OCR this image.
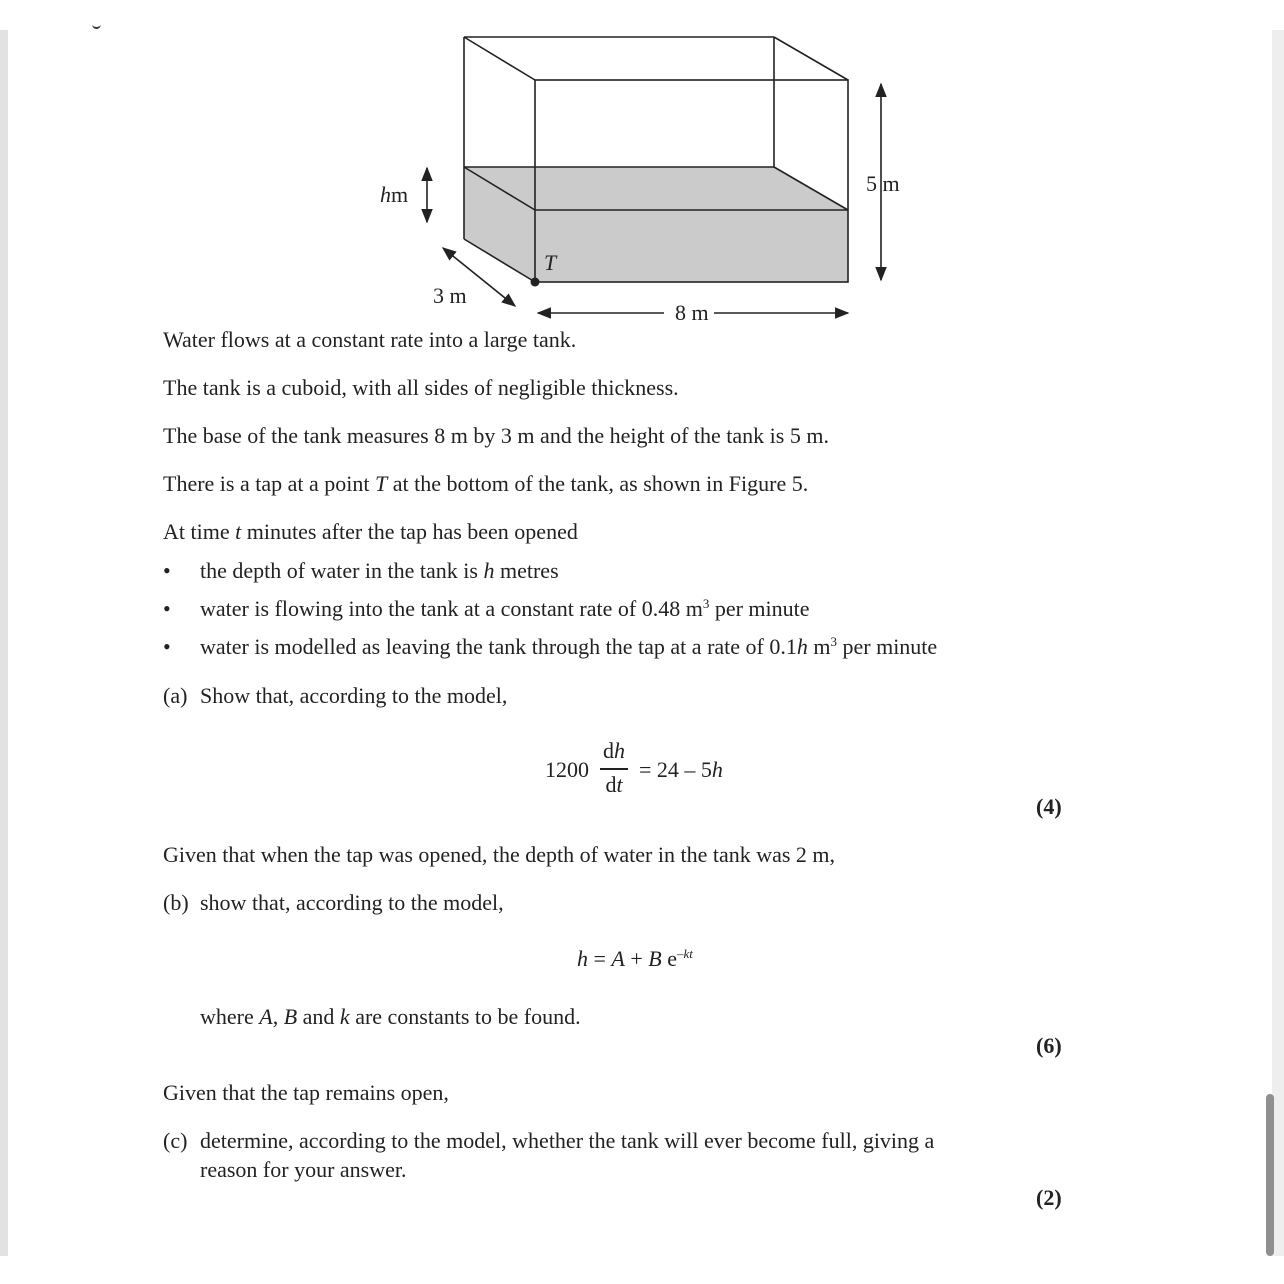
hm	5 m
T
3 m
8 m
Water flows at a constant rate into a large tank.
The tank is a cuboid, with all sides of negligible thickness.
The base of the tank measures 8 m by 3 m and the height of the tank is 5 m.
There is a tap at a point T at the bottom of the tank, as shown in Figure 5.
At time t minutes after the tap has been opened
• the depth of water in the tank is h metres
• water is flowing into the tank at a constant rate of 0.48 $m^3$ per minute
• water is modelled as leaving the tank through the tap at a rate of 0.1h $m^3$ per minute
(a) Show that, according to the model,
1200
dh
dt
= 24 – 5h
(4)
Given that when the tap was opened, the depth of water in the tank was 2 m,
(b) show that, according to the model,
h = A + B $e^{-kt}$
where A, B and k are constants to be found.
(6)
Given that the tap remains open,
(c) determine, according to the model, whether the tank will ever become full, giving a
reason for your answer.
(2)
